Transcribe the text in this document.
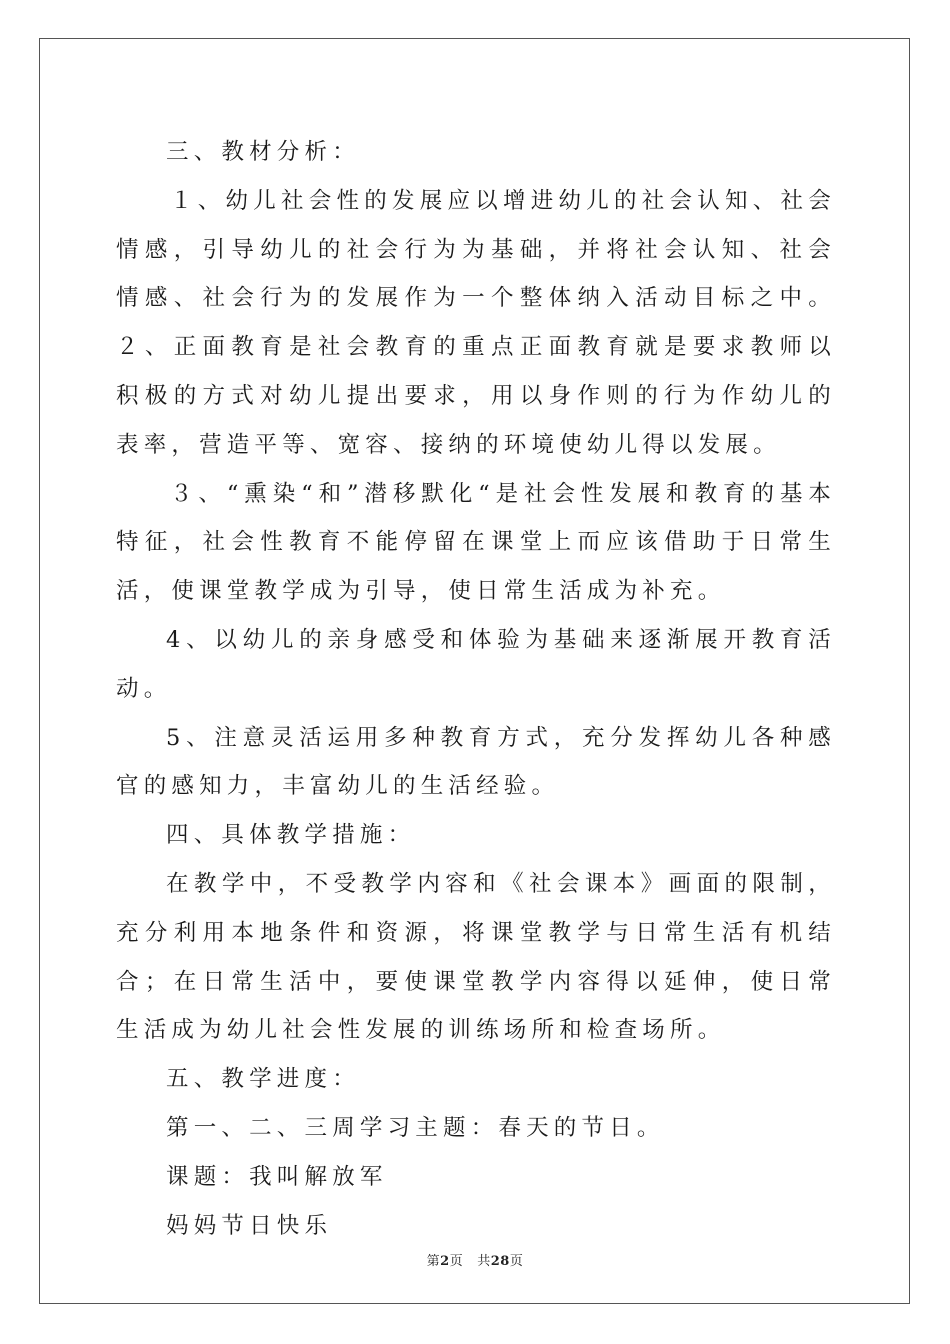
三、教材分析：

１、幼儿社会性的发展应以增进幼儿的社会认知、社会情感，引导幼儿的社会行为为基础，并将社会认知、社会情感、社会行为的发展作为一个整体纳入活动目标之中。２、正面教育是社会教育的重点正面教育就是要求教师以积极的方式对幼儿提出要求，用以身作则的行为作幼儿的表率，营造平等、宽容、接纳的环境使幼儿得以发展。

３、“熏染“和”潜移默化“是社会性发展和教育的基本特征，社会性教育不能停留在课堂上而应该借助于日常生活，使课堂教学成为引导，使日常生活成为补充。

4、以幼儿的亲身感受和体验为基础来逐渐展开教育活动。

5、注意灵活运用多种教育方式，充分发挥幼儿各种感官的感知力，丰富幼儿的生活经验。

四、具体教学措施：

在教学中，不受教学内容和《社会课本》画面的限制，充分利用本地条件和资源，将课堂教学与日常生活有机结合；在日常生活中，要使课堂教学内容得以延伸，使日常生活成为幼儿社会性发展的训练场所和检查场所。

五、教学进度：

第一、二、三周学习主题：春天的节日。

课题：我叫解放军

妈妈节日快乐

第2页 共28页
